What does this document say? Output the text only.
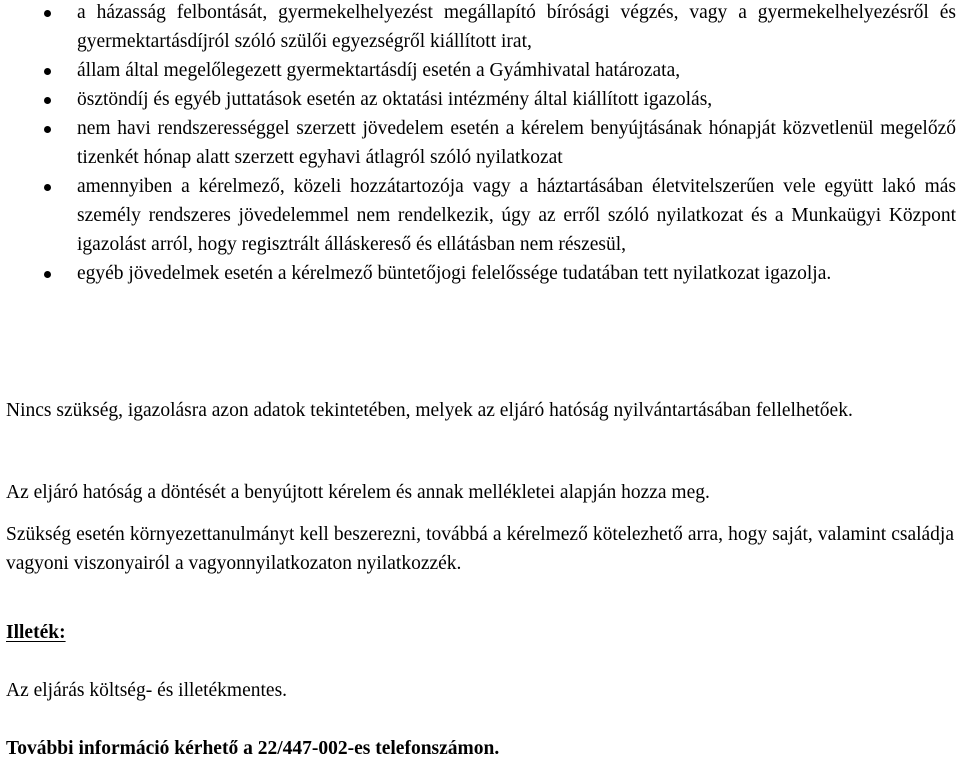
a házasság felbontását, gyermekelhelyezést megállapító bírósági végzés, vagy a gyermekelhelyezésről és gyermektartásdíjról szóló szülői egyezségről kiállított irat,
állam által megelőlegezett gyermektartásdíj esetén a Gyámhivatal határozata,
ösztöndíj és egyéb juttatások esetén az oktatási intézmény által kiállított igazolás,
nem havi rendszerességgel szerzett jövedelem esetén a kérelem benyújtásának hónapját közvetlenül megelőző tizenkét hónap alatt szerzett egyhavi átlagról szóló nyilatkozat
amennyiben a kérelmező, közeli hozzátartozója vagy a háztartásában életvitelszerűen vele együtt lakó más személy rendszeres jövedelemmel nem rendelkezik, úgy az erről szóló nyilatkozat és a Munkaügyi Központ igazolást arról, hogy regisztrált álláskereső és ellátásban nem részesül,
egyéb jövedelmek esetén a kérelmező büntetőjogi felelőssége tudatában tett nyilatkozat igazolja.

Nincs szükség, igazolásra azon adatok tekintetében, melyek az eljáró hatóság nyilvántartásában fellelhetőek.

Az eljáró hatóság a döntését a benyújtott kérelem és annak mellékletei alapján hozza meg.

Szükség esetén környezettanulmányt kell beszerezni, továbbá a kérelmező kötelezhető arra, hogy saját, valamint családja vagyoni viszonyairól a vagyonnyilatkozaton nyilatkozzék.

Illeték:

Az eljárás költség- és illetékmentes.

További információ kérhető a 22/447-002-es telefonszámon.
